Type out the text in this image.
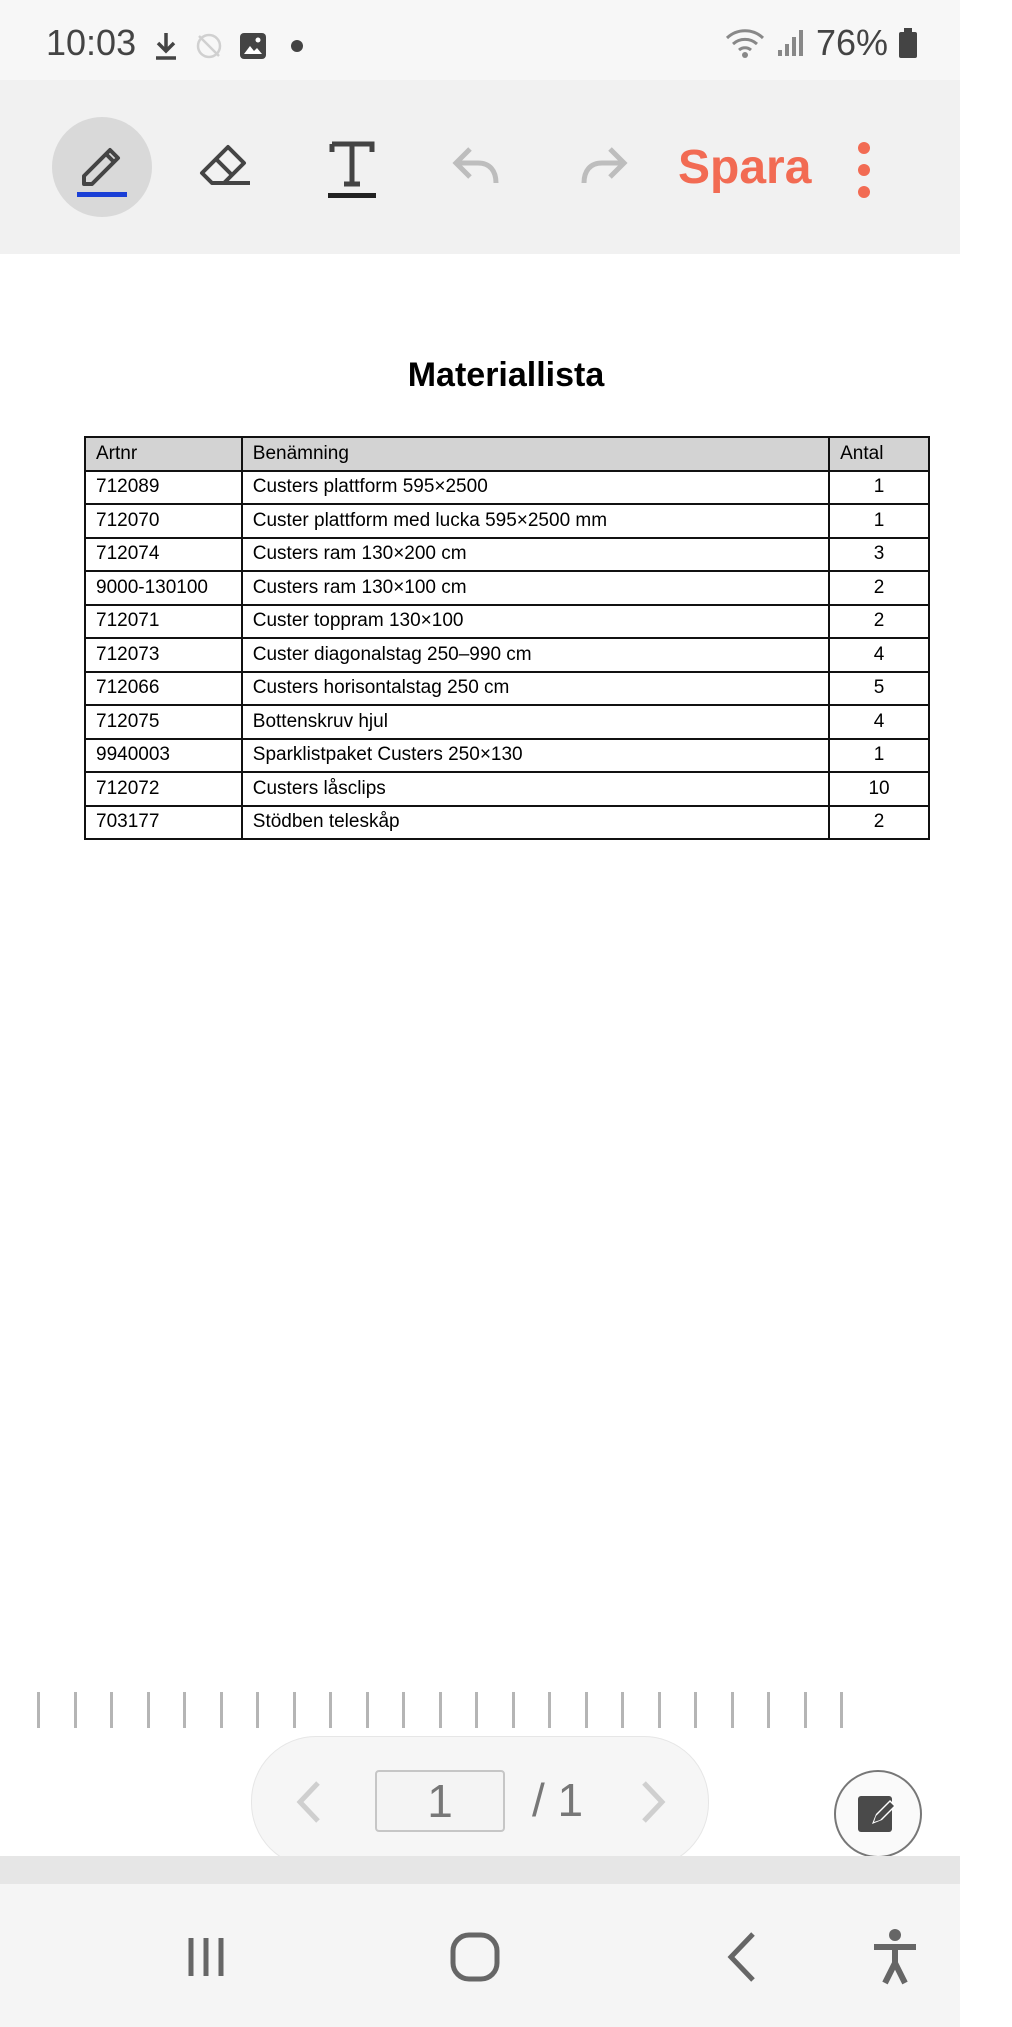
10:03	76%
Spara
Materiallista
Artnr	Benämning	Antal
712089	Custers plattform 595×2500	1
712070	Custer plattform med lucka 595×2500 mm	1
712074	Custers ram 130×200 cm	3
9000-130100	Custers ram 130×100 cm	2
712071	Custer toppram 130×100	2
712073	Custer diagonalstag 250–990 cm	4
712066	Custers horisontalstag 250 cm	5
712075	Bottenskruv hjul	4
9940003	Sparklistpaket Custers 250×130	1
712072	Custers låsclips	10
703177	Stödben teleskåp	2
1
/ 1
